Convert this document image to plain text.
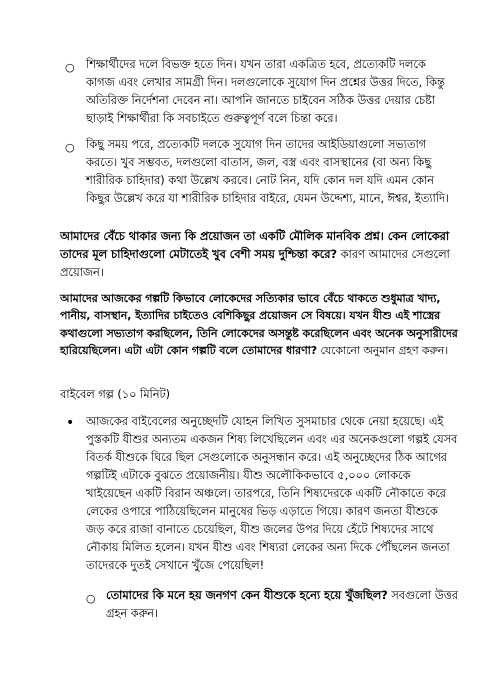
○ শিক্ষার্থীদের দলে বিভক্ত হতে দিন। যখন তারা একত্রিত হবে, প্রত্যেকটি দলকে কাগজ এবং লেখার সামগ্রী দিন। দলগুলোকে সুযোগ দিন প্রশ্নের উত্তর দিতে, কিন্তু অতিরিক্ত নির্দেশনা দেবেন না। আপনি জানতে চাইবেন সঠিক উত্তর দেয়ার চেষ্টা ছাড়াই শিক্ষার্থীরা কি সবচাইতে গুরুত্বপূর্ণ বলে চিন্তা করে।

○ কিছু সময় পরে, প্রত্যেকটি দলকে সুযোগ দিন তাদের আইডিয়াগুলো সভ্যতাগ করতে। খুব সম্ভবত, দলগুলো বাতাস, জল, বস্ত্র এবং বাসস্থানের (বা অন্য কিছু শারীরিক চাহিদার) কথা উল্লেখ করবে। নোট নিন, যদি কোন দল যদি এমন কোন কিছুর উল্লেখ করে যা শারীরিক চাহিদার বাইরে, যেমন উদ্দেশ্য, মানে, ঈশ্বর, ইত্যাদি।

আমাদের বেঁচে থাকার জন্য কি প্রয়োজন তা একটি মৌলিক মানবিক প্রশ্ন। কেন লোকেরা তাদের মূল চাহিদাগুলো মেটাতেই খুব বেশী সময় দুশ্চিন্তা করে? কারণ আমাদের সেগুলো প্রয়োজন।

আমাদের আজকের গল্পটি কিভাবে লোকেদের সত্যিকার ভাবে বেঁচে থাকতে শুধুমাত্র খাদ্য, পানীয়, বাসস্থান, ইত্যাদির চাইতেও বেশিকিছুর প্রয়োজন সে বিষয়ে। যখন যীশু এই শাস্ত্রের কথাগুলো সভ্যতাগ করছিলেন, তিনি লোকেদের অসন্তুষ্ট করেছিলেন এবং অনেক অনুসারীদের হারিয়েছিলেন। এটা এটা কোন গল্পটি বলে তোমাদের ধারণা? যেকোনো অনুমান গ্রহণ করুন।

বাইবেল গল্প (১০ মিনিট)

• আজকের বাইবেলের অনুচ্ছেদটি যোহন লিখিত সুসমাচার থেকে নেয়া হয়েছে। এই পুস্তকটি যীশুর অন্যতম একজন শিষ্য লিখেছিলেন এবং এর অনেকগুলো গল্পই যেসব বিতর্ক যীশুকে ঘিরে ছিল সেগুলোকে অনুসন্ধান করে। এই অনুচ্ছেদের ঠিক আগের গল্পটিই এটাকে বুঝতে প্রয়োজনীয়। যীশু অলৌকিকভাবে ৫,০০০ লোককে খাইয়েছেন একটি বিরান অঞ্চলে। তারপরে, তিনি শিষ্যদেরকে একটি নৌকাতে করে লেকের ওপারে পাঠিয়েছিলেন মানুষের ভিড় এড়াতে গিয়ে। কারণ জনতা যীশুকে জড় করে রাজা বানাতে চেয়েছিল, যীশু জলের উপর দিয়ে হেঁটে শিষ্যদের সাথে নৌকায় মিলিত হলেন। যখন যীশু এবং শিষ্যরা লেকের অন্য দিকে পৌঁছলেন জনতা তাদেরকে দুতই সেখানে খুঁজে পেয়েছিল!

○ তোমাদের কি মনে হয় জনগণ কেন যীশুকে হন্যে হয়ে খুঁজছিল? সবগুলো উত্তর গ্রহন করুন।
